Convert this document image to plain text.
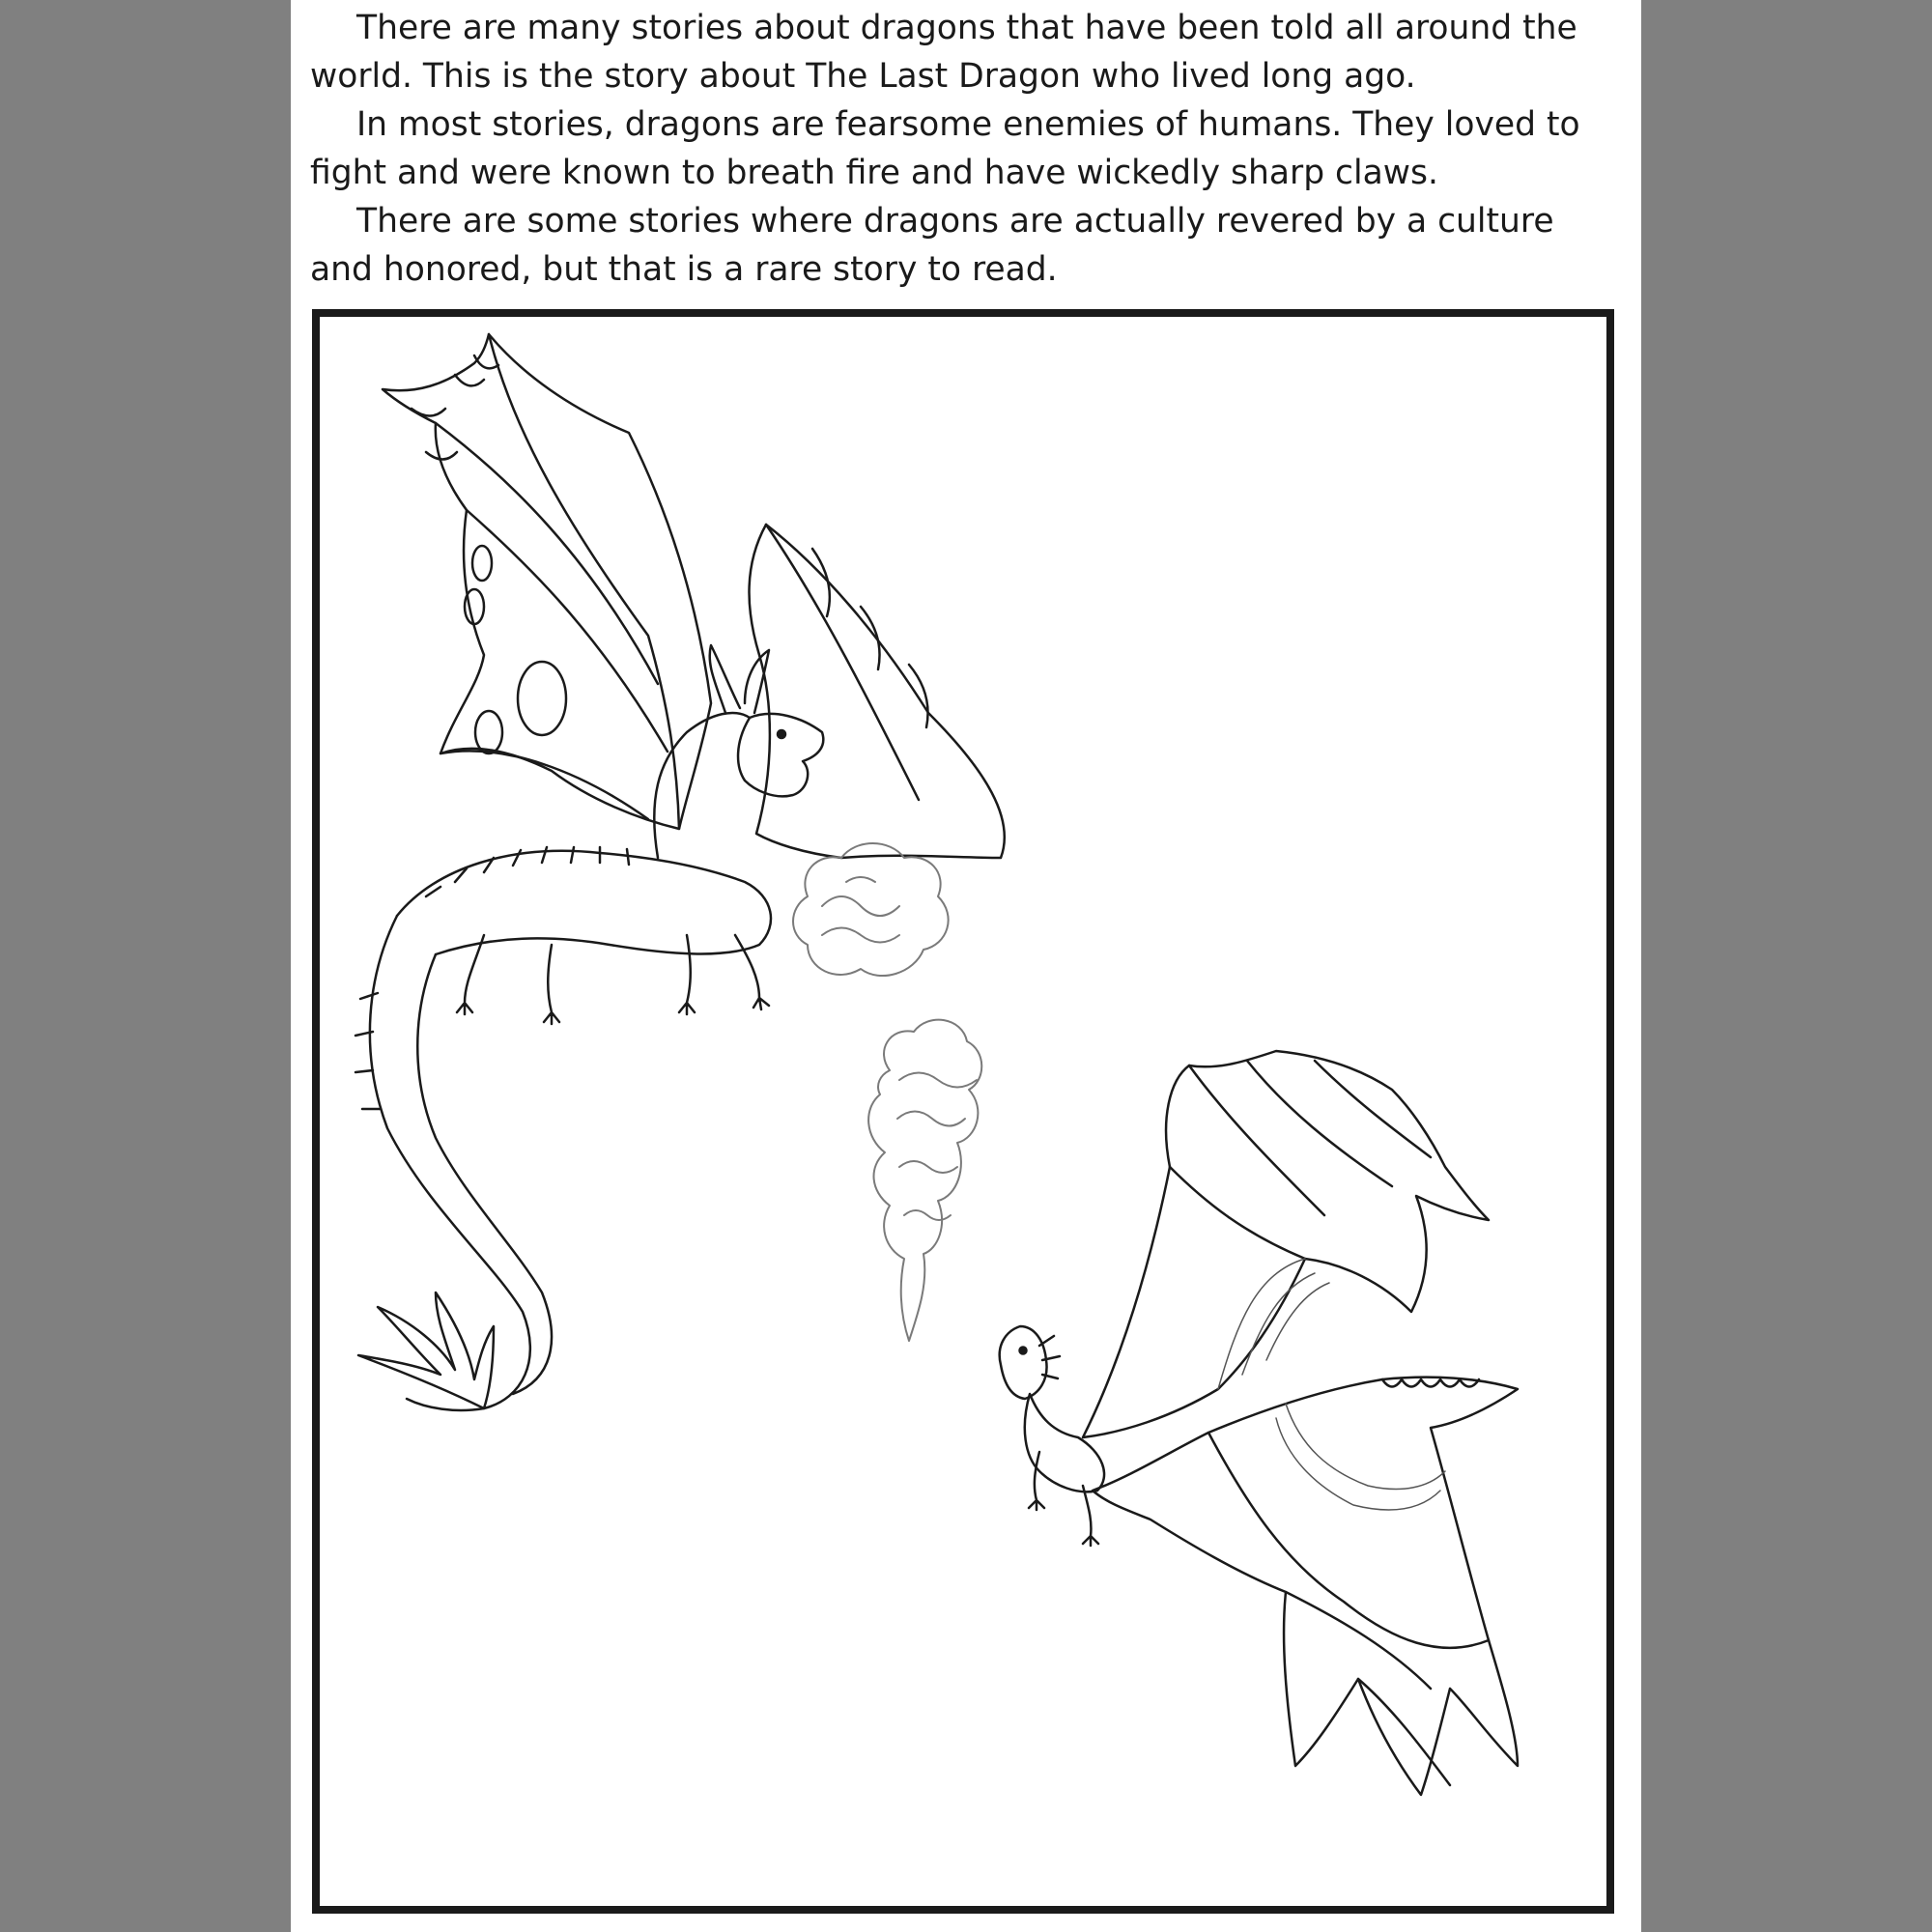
There are many stories about dragons that have been told all around the world. This is the story about The Last Dragon who lived long ago.

In most stories, dragons are fearsome enemies of humans. They loved to fight and were known to breath fire and have wickedly sharp claws.

There are some stories where dragons are actually revered by a culture and honored, but that is a rare story to read.
